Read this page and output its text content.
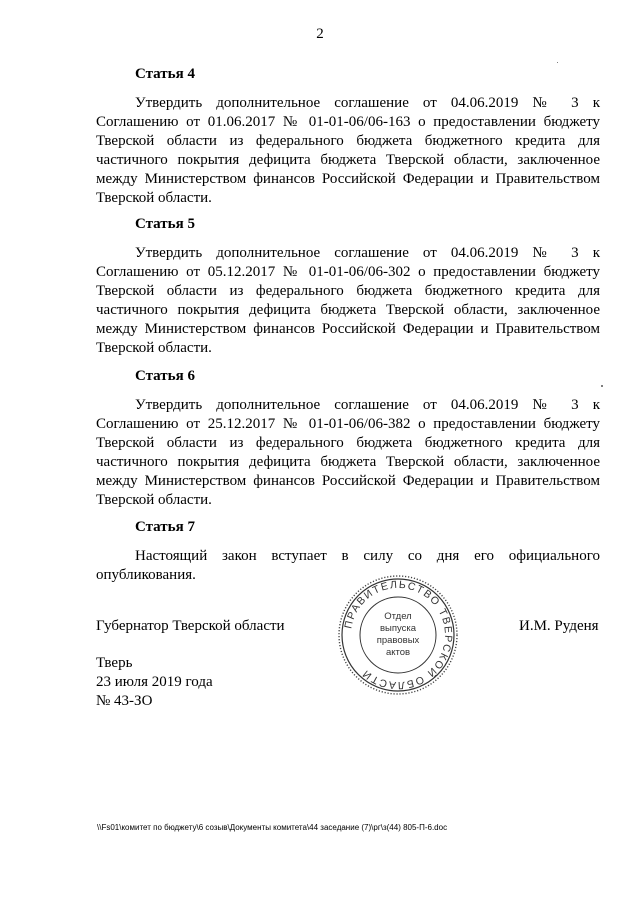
2
Статья 4
Утвердить дополнительное соглашение от 04.06.2019 № 3 к
Соглашению от 01.06.2017 № 01-01-06/06-163 о предоставлении бюджету
Тверской области из федерального бюджета бюджетного кредита для
частичного покрытия дефицита бюджета Тверской области, заключенное
между Министерством финансов Российской Федерации и Правительством
Тверской области.
Статья 5
Утвердить дополнительное соглашение от 04.06.2019 № 3 к
Соглашению от 05.12.2017 № 01-01-06/06-302 о предоставлении бюджету
Тверской области из федерального бюджета бюджетного кредита для
частичного покрытия дефицита бюджета Тверской области, заключенное
между Министерством финансов Российской Федерации и Правительством
Тверской области.
Статья 6
Утвердить дополнительное соглашение от 04.06.2019 № 3 к
Соглашению от 25.12.2017 № 01-01-06/06-382 о предоставлении бюджету
Тверской области из федерального бюджета бюджетного кредита для
частичного покрытия дефицита бюджета Тверской области, заключенное
между Министерством финансов Российской Федерации и Правительством
Тверской области.
Статья 7
Настоящий закон вступает в силу со дня его официального
опубликования.
Губернатор Тверской области	И.М. Руденя
ПРАВИТЕЛЬСТВО ТВЕРСКОЙ ОБЛАСТИ
Отдел
выпуска
правовых
актов
Тверь
23 июля 2019 года
№ 43-ЗО
\\Fs01\комитет по бюджету\6 созыв\Документы комитета\44 заседание (7)\рг\з(44) 805-П-6.doc
